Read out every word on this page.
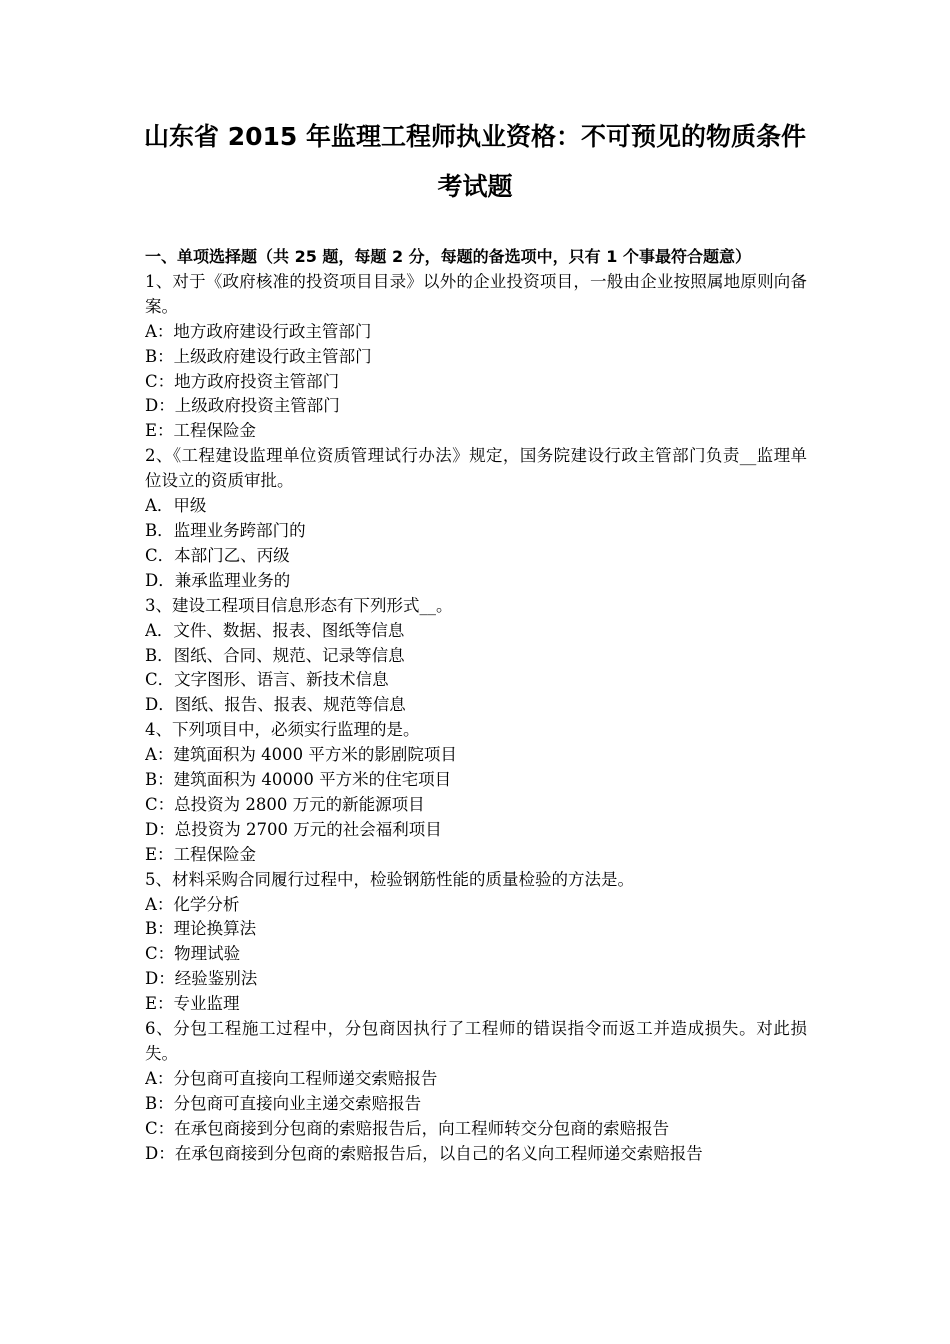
山东省 2015 年监理工程师执业资格：不可预见的物质条件
考试题
一、单项选择题（共 25 题，每题 2 分，每题的备选项中，只有 1 个事最符合题意）
1、对于《政府核准的投资项目目录》以外的企业投资项目，一般由企业按照属地原则向备案。
A：地方政府建设行政主管部门
B：上级政府建设行政主管部门
C：地方政府投资主管部门
D：上级政府投资主管部门
E：工程保险金
2、《工程建设监理单位资质管理试行办法》规定，国务院建设行政主管部门负责__监理单位设立的资质审批。
A．甲级
B．监理业务跨部门的
C．本部门乙、丙级
D．兼承监理业务的
3、建设工程项目信息形态有下列形式__。
A．文件、数据、报表、图纸等信息
B．图纸、合同、规范、记录等信息
C．文字图形、语言、新技术信息
D．图纸、报告、报表、规范等信息
4、下列项目中，必须实行监理的是。
A：建筑面积为 4000 平方米的影剧院项目
B：建筑面积为 40000 平方米的住宅项目
C：总投资为 2800 万元的新能源项目
D：总投资为 2700 万元的社会福利项目
E：工程保险金
5、材料采购合同履行过程中，检验钢筋性能的质量检验的方法是。
A：化学分析
B：理论换算法
C：物理试验
D：经验鉴别法
E：专业监理
6、分包工程施工过程中，分包商因执行了工程师的错误指令而返工并造成损失。对此损失。
A：分包商可直接向工程师递交索赔报告
B：分包商可直接向业主递交索赔报告
C：在承包商接到分包商的索赔报告后，向工程师转交分包商的索赔报告
D：在承包商接到分包商的索赔报告后，以自己的名义向工程师递交索赔报告
